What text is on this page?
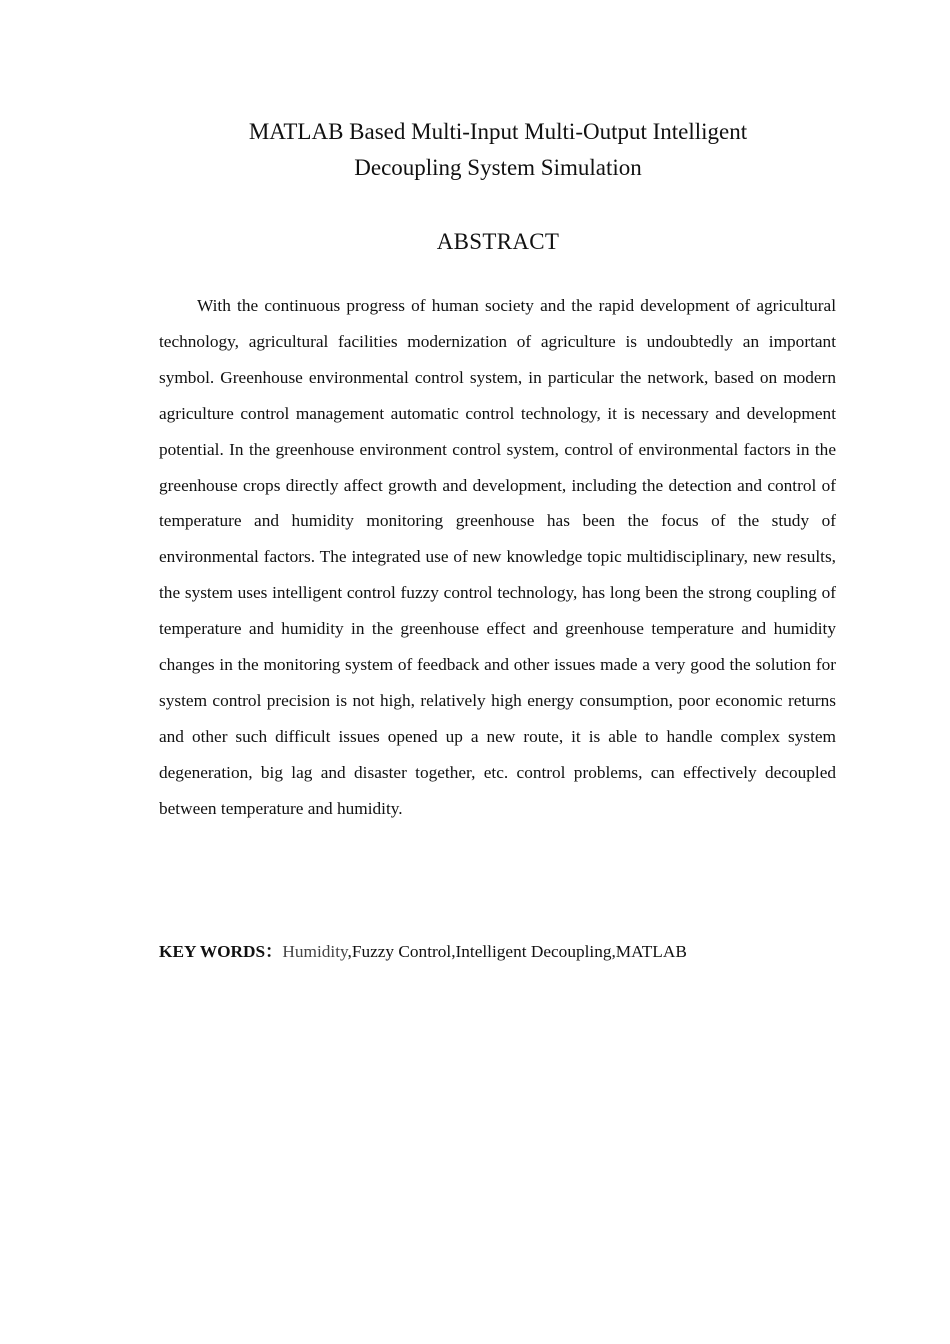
MATLAB Based Multi-Input Multi-Output Intelligent
Decoupling System Simulation
ABSTRACT

With the continuous progress of human society and the rapid development of agricultural technology, agricultural facilities modernization of agriculture is undoubtedly an important symbol. Greenhouse environmental control system, in particular the network, based on modern agriculture control management automatic control technology, it is necessary and development potential. In the greenhouse environment control system, control of environmental factors in the greenhouse crops directly affect growth and development, including the detection and control of temperature and humidity monitoring greenhouse has been the focus of the study of environmental factors. The integrated use of new knowledge topic multidisciplinary, new results, the system uses intelligent control fuzzy control technology, has long been the strong coupling of temperature and humidity in the greenhouse effect and greenhouse temperature and humidity changes in the monitoring system of feedback and other issues made a very good the solution for system control precision is not high, relatively high energy consumption, poor economic returns and other such difficult issues opened up a new route, it is able to handle complex system degeneration, big lag and disaster together, etc. control problems, can effectively decoupled between temperature and humidity.

KEY WORDS：Humidity,Fuzzy Control,Intelligent Decoupling,MATLAB
